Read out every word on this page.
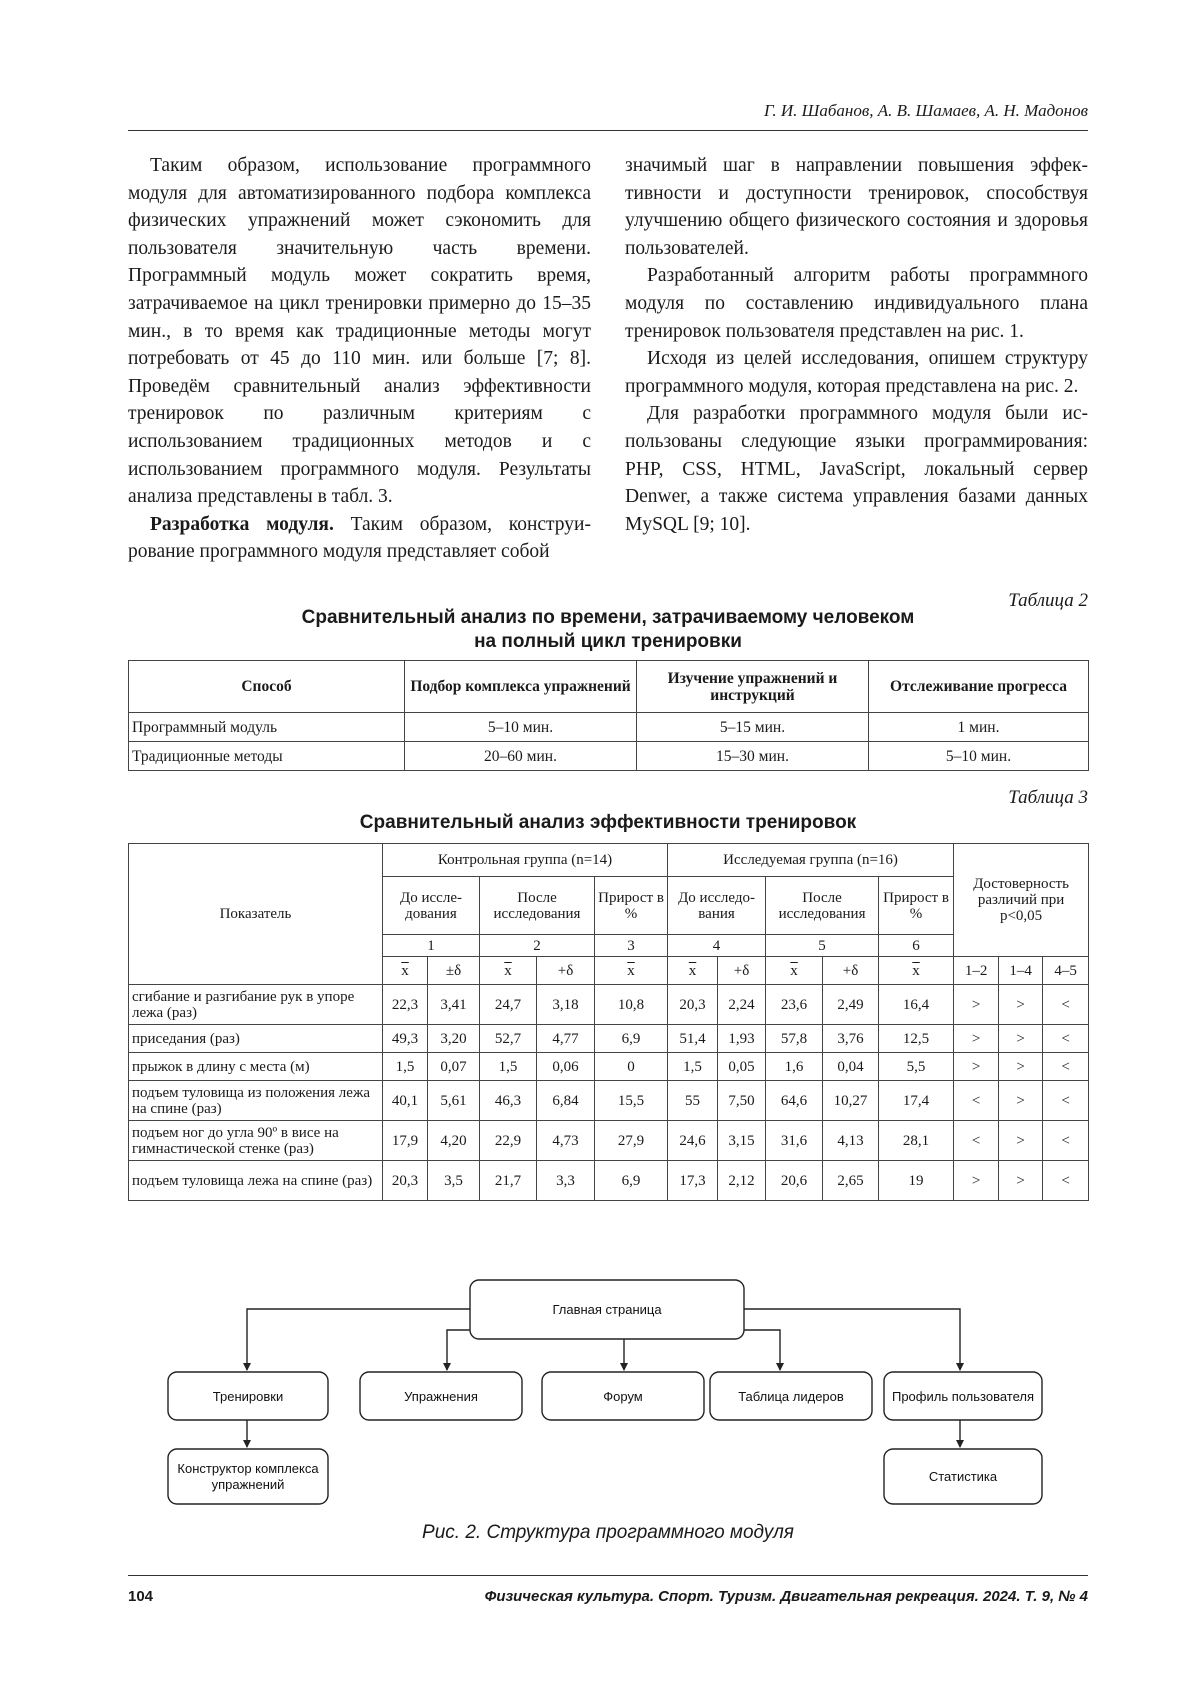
Г. И. Шабанов, А. В. Шамаев, А. Н. Мадонов

Таким образом, использование программного модуля для автоматизированного подбора комплекса физических упражнений может сэкономить для пользователя значительную часть времени. Программный модуль может сократить время, затрачиваемое на цикл тренировки примерно до 15–35 мин., в то время как традиционные методы могут потребовать от 45 до 110 мин. или больше [7; 8]. Проведём сравнительный анализ эффективности тренировок по различным критериям с использованием традиционных методов и с использованием программного модуля. Результаты анализа представлены в табл. 3.

Разработка модуля. Таким образом, конструирование программного модуля представляет собой

значимый шаг в направлении повышения эффективности и доступности тренировок, способствуя улучшению общего физического состояния и здоровья пользователей.

Разработанный алгоритм работы программного модуля по составлению индивидуального плана тренировок пользователя представлен на рис. 1.

Исходя из целей исследования, опишем структуру программного модуля, которая представлена на рис. 2.

Для разработки программного модуля были использованы следующие языки программирования: PHP, CSS, HTML, JavaScript, локальный сервер Denwer, а также система управления базами данных MySQL [9; 10].

Таблица 2
Сравнительный анализ по времени, затрачиваемому человеком
на полный цикл тренировки
Способ	Подбор комплекса упражнений	Изучение упражнений и инструкций	Отслеживание прогресса
Программный модуль	5–10 мин.	5–15 мин.	1 мин.
Традиционные методы	20–60 мин.	15–30 мин.	5–10 мин.
Таблица 3
Сравнительный анализ эффективности тренировок
Показатель	Контрольная группа (n=14)					Исследуемая группа (n=16)					Достоверность различий при p<0,05		
	До исследования		После исследования		Прирост в %	До исследования		После исследования		Прирост в %			
	1		2		3	4		5		6			
	$\overline{x}$	±δ	$\overline{x}$	+δ	$\overline{x}$	$\overline{x}$	+δ	$\overline{x}$	+δ	$\overline{x}$	1–2	1–4	4–5
сгибание и разгибание рук в упоре лежа (раз)	22,3	3,41	24,7	3,18	10,8	20,3	2,24	23,6	2,49	16,4	>	>	<
приседания (раз)	49,3	3,20	52,7	4,77	6,9	51,4	1,93	57,8	3,76	12,5	>	>	<
прыжок в длину с места (м)	1,5	0,07	1,5	0,06	0	1,5	0,05	1,6	0,04	5,5	>	>	<
подъем туловища из положения лежа на спине (раз)	40,1	5,61	46,3	6,84	15,5	55	7,50	64,6	10,27	17,4	<	>	<
подъем ног до угла 90º в висе на гимнастической стенке (раз)	17,9	4,20	22,9	4,73	27,9	24,6	3,15	31,6	4,13	28,1	<	>	<
подъем туловища лежа на спине (раз)	20,3	3,5	21,7	3,3	6,9	17,3	2,12	20,6	2,65	19	>	>	<
Главная страница
Тренировки	Упражнения	Форум	Таблица лидеров	Профиль пользователя
Конструктор комплекса
упражнений
Статистика
Рис. 2. Структура программного модуля
104	Физическая культура. Спорт. Туризм. Двигательная рекреация. 2024. Т. 9, № 4
